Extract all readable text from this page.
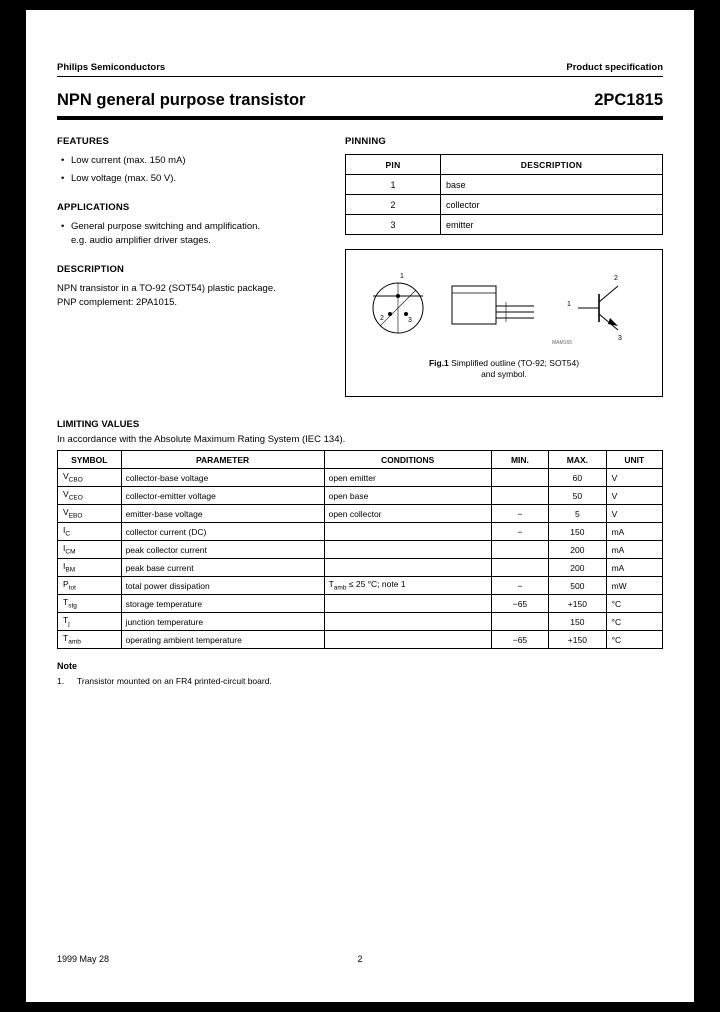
Philips Semiconductors	Product specification
NPN general purpose transistor	2PC1815
FEATURES
• Low current (max. 150 mA)
• Low voltage (max. 50 V).
APPLICATIONS
• General purpose switching and amplification.
e.g. audio amplifier driver stages.
DESCRIPTION

NPN transistor in a TO-92 (SOT54) plastic package.
PNP complement: 2PA1015.

PINNING
PIN	DESCRIPTION
1	base
2	collector
3	emitter
1
2	3
2
1
3
MAM165
Fig.1 Simplified outline (TO-92; SOT54)
and symbol.
LIMITING VALUES
In accordance with the Absolute Maximum Rating System (IEC 134).
SYMBOL	PARAMETER	CONDITIONS	MIN.	MAX.	UNIT
$V_{CBO}$	collector-base voltage	open emitter		60	V
$V_{CEO}$	collector-emitter voltage	open base		50	V
$V_{EBO}$	emitter-base voltage	open collector	−	5	V
$I_C$	collector current (DC)		−	150	mA
$I_{CM}$	peak collector current			200	mA
$I_{BM}$	peak base current			200	mA
$P_{tot}$	total power dissipation	$T_{amb} \le 25$ °C; note 1	−	500	mW
$T_{stg}$	storage temperature		−65	+150	°C
$T_j$	junction temperature			150	°C
$T_{amb}$	operating ambient temperature		−65	+150	°C
Note
1.	Transistor mounted on an FR4 printed-circuit board.
1999 May 28	2
